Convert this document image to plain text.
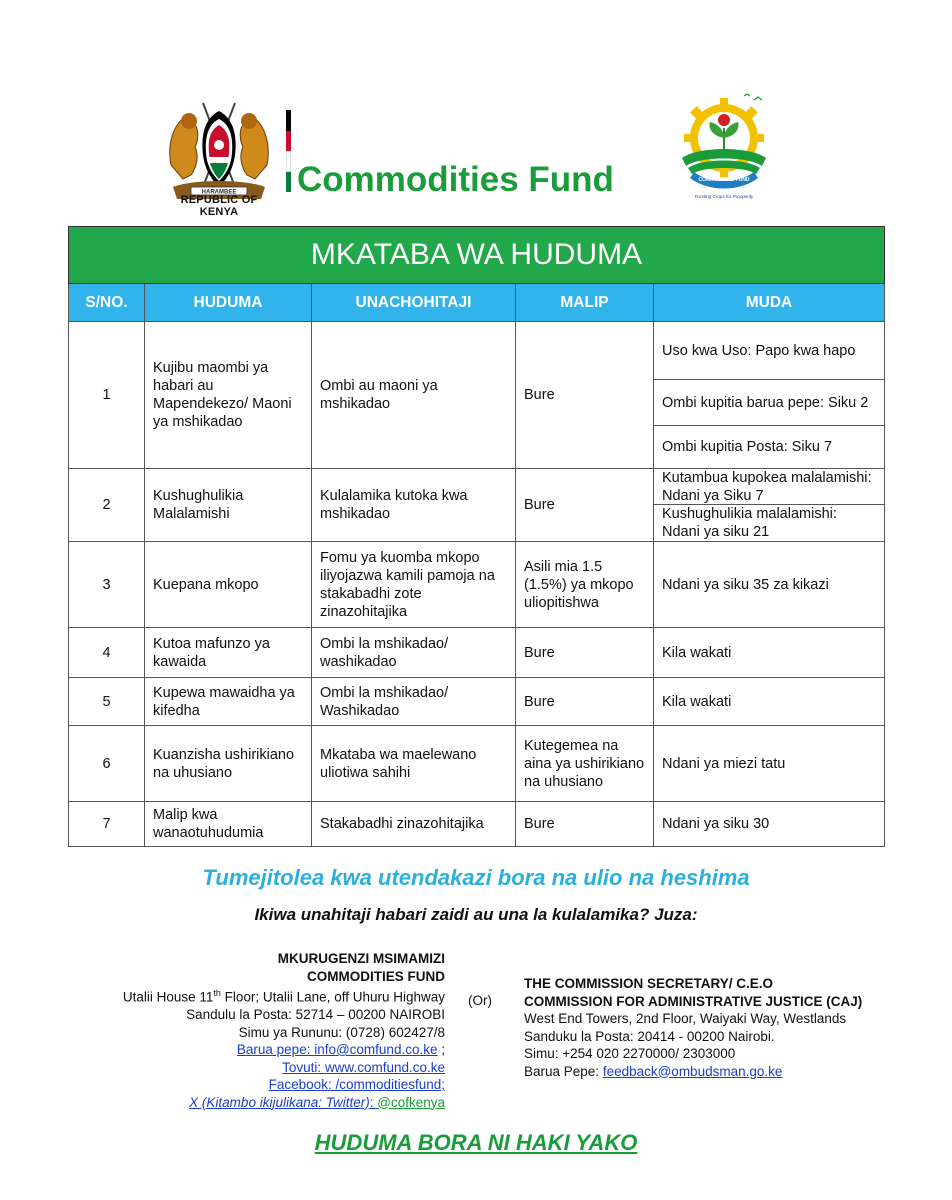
HARAMBEE
REPUBLIC OF KENYA
Commodities Fund	COMMODITIES FUND
Funding Crops for Prosperity
MKATABA WA HUDUMA				
S/NO.	HUDUMA	UNACHOHITAJI	MALIP	MUDA
1	Kujibu maombi ya habari au Mapendekezo/ Maoni ya mshikadao	Ombi au maoni ya mshikadao	Bure	Uso kwa Uso: Papo kwa hapo
Ombi kupitia barua pepe: Siku 2
Ombi kupitia Posta: Siku 7

2	Kushughulikia Malalamishi	Kulalamika kutoka kwa mshikadao	Bure	Kutambua kupokea malalamishi: Ndani ya Siku 7
Kushughulikia malalamishi: Ndani ya siku 21

3	Kuepana mkopo	Fomu ya kuomba mkopo iliyojazwa kamili pamoja na stakabadhi zote zinazohitajika	Asili mia 1.5 (1.5%) ya mkopo uliopitishwa	Ndani ya siku 35 za kikazi
4	Kutoa mafunzo ya kawaida	Ombi la mshikadao/ washikadao	Bure	Kila wakati
5	Kupewa mawaidha ya kifedha	Ombi la mshikadao/ Washikadao	Bure	Kila wakati
6	Kuanzisha ushirikiano na uhusiano	Mkataba wa maelewano uliotiwa sahihi	Kutegemea na aina ya ushirikiano na uhusiano	Ndani ya miezi tatu
7	Malip kwa wanaotuhudumia	Stakabadhi zinazohitajika	Bure	Ndani ya siku 30
Tumejitolea kwa utendakazi bora na ulio na heshima
Ikiwa unahitaji habari zaidi au una la kulalamika? Juza:
MKURUGENZI MSIMAMIZI
COMMODITIES FUND
Utalii House 11th Floor; Utalii Lane, off Uhuru Highway
Sandulu la Posta: 52714 – 00200 NAIROBI
Simu ya Rununu: (0728) 602427/8
Barua pepe: info@comfund.co.ke ;
Tovuti: www.comfund.co.ke
Facebook: /commoditiesfund;
X (Kitambo ikijulikana: Twitter): @cofkenya
(Or)
THE COMMISSION SECRETARY/ C.E.O
COMMISSION FOR ADMINISTRATIVE JUSTICE (CAJ)
West End Towers, 2nd Floor, Waiyaki Way, Westlands
Sanduku la Posta: 20414 - 00200 Nairobi.
Simu: +254 020 2270000/ 2303000
Barua Pepe: feedback@ombudsman.go.ke
HUDUMA BORA NI HAKI YAKO
